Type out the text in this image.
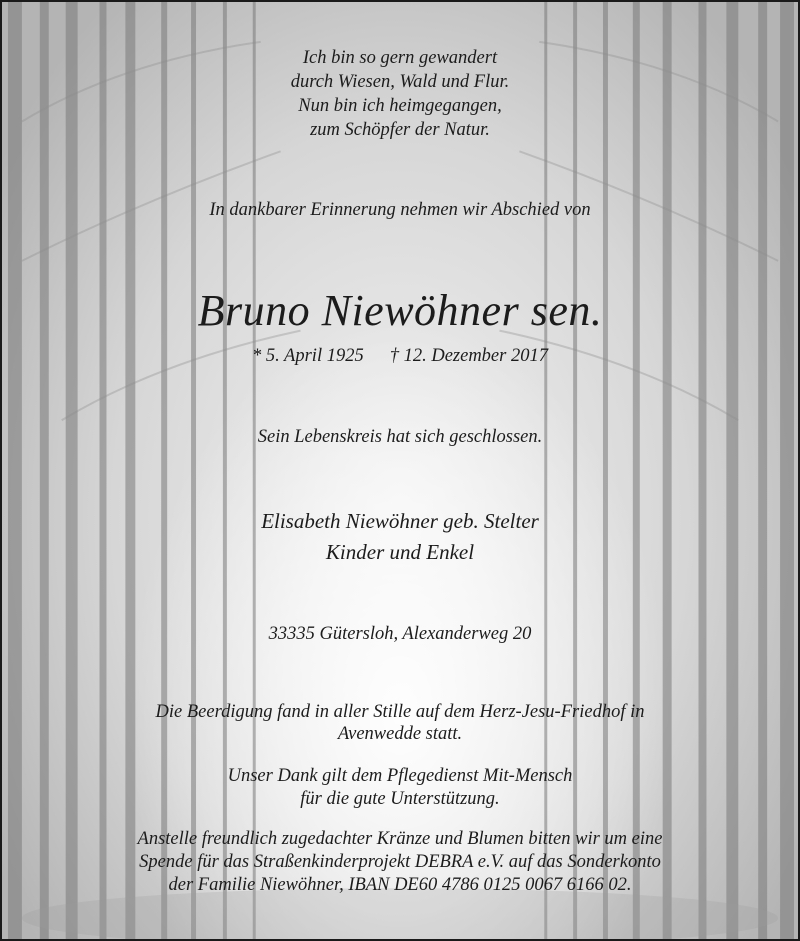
Ich bin so gern gewandert
durch Wiesen, Wald und Flur.
Nun bin ich heimgegangen,
zum Schöpfer der Natur.
In dankbarer Erinnerung nehmen wir Abschied von
Bruno Niewöhner sen.
* 5. April 1925 † 12. Dezember 2017
Sein Lebenskreis hat sich geschlossen.
Elisabeth Niewöhner geb. Stelter
Kinder und Enkel
33335 Gütersloh, Alexanderweg 20
Die Beerdigung fand in aller Stille auf dem Herz-Jesu-Friedhof in
Avenwedde statt.
Unser Dank gilt dem Pflegedienst Mit-Mensch
für die gute Unterstützung.
Anstelle freundlich zugedachter Kränze und Blumen bitten wir um eine
Spende für das Straßenkinderprojekt DEBRA e.V. auf das Sonderkonto
der Familie Niewöhner, IBAN DE60 4786 0125 0067 6166 02.
